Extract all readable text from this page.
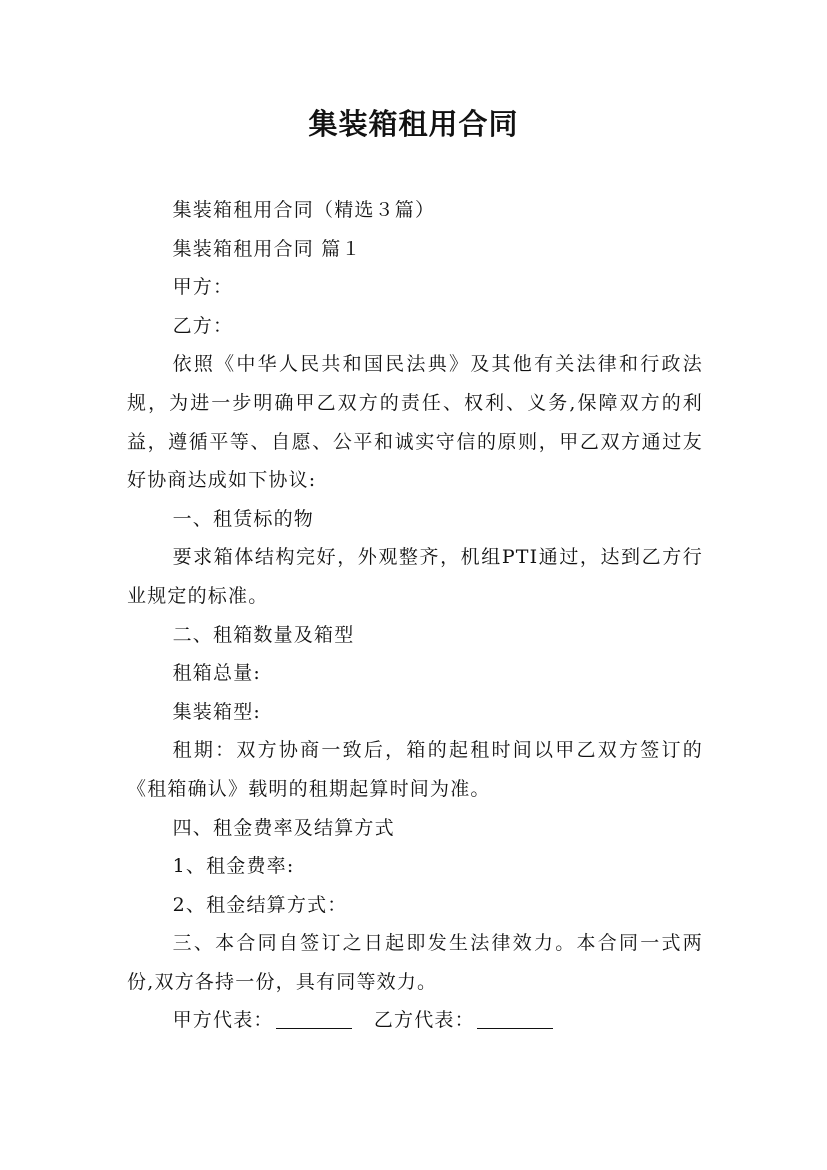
集装箱租用合同

集装箱租用合同（精选３篇）

集装箱租用合同 篇１

甲方：

乙方：

依照《中华人民共和国民法典》及其他有关法律和行政法规，为进一步明确甲乙双方的责任、权利、义务,保障双方的利益，遵循平等、自愿、公平和诚实守信的原则，甲乙双方通过友好协商达成如下协议:

一、租赁标的物

要求箱体结构完好，外观整齐，机组PTI通过，达到乙方行业规定的标准。

二、租箱数量及箱型

租箱总量:

集装箱型:

租期：双方协商一致后，箱的起租时间以甲乙双方签订的《租箱确认》载明的租期起算时间为准。

四、租金费率及结算方式

1、租金费率:

2、租金结算方式：

三、本合同自签订之日起即发生法律效力。本合同一式两份,双方各持一份，具有同等效力。

甲方代表：　	乙方代表：
